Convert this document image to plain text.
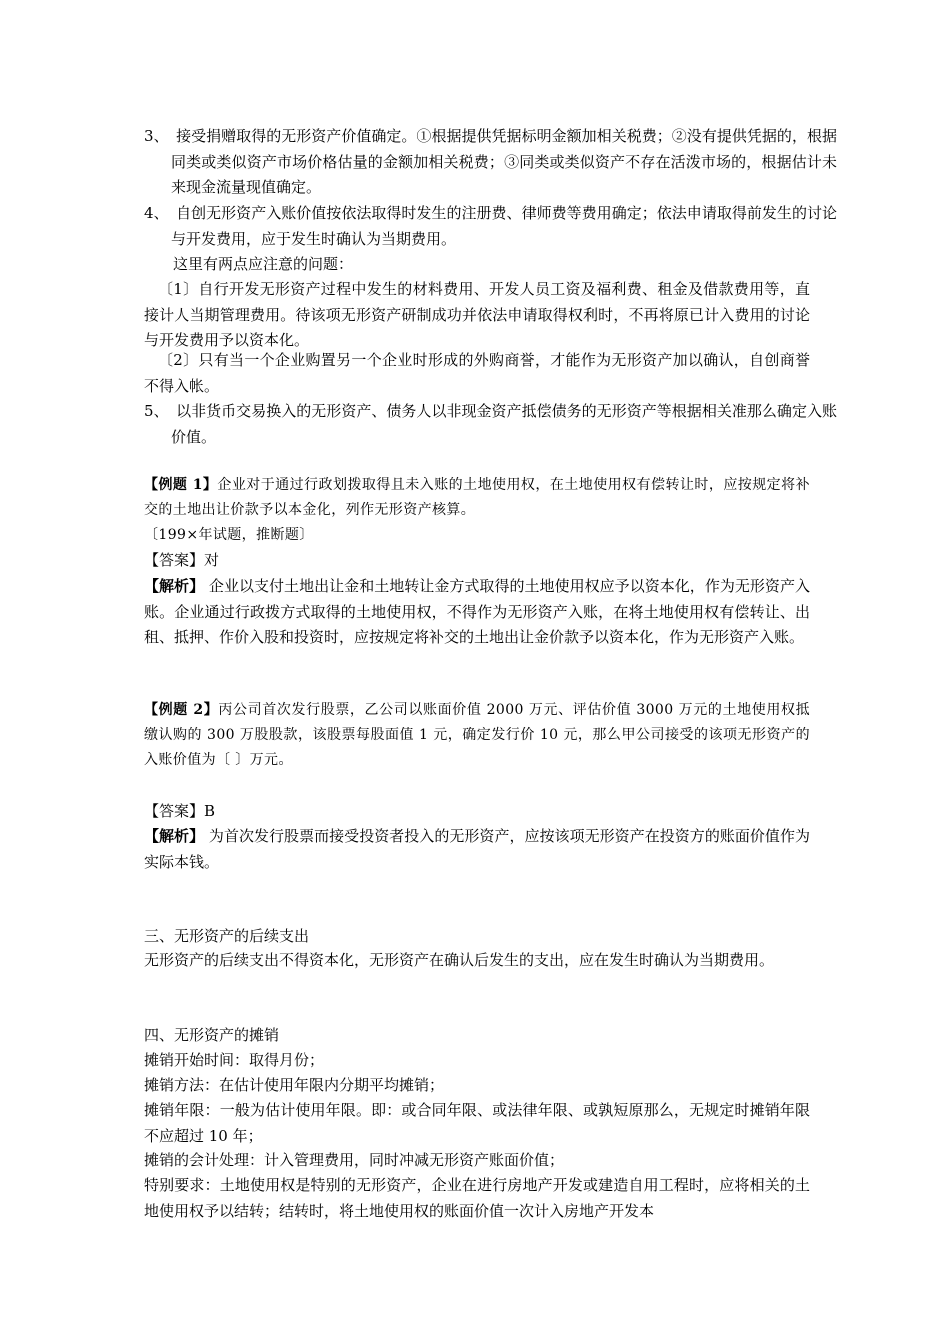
3、　接受捐赠取得的无形资产价值确定。①根据提供凭据标明金额加相关税费；②没有提供凭据的，根据同类或类似资产市场价格估量的金额加相关税费；③同类或类似资产不存在活泼市场的，根据估计未来现金流量现值确定。
4、　自创无形资产入账价值按依法取得时发生的注册费、律师费等费用确定；依法申请取得前发生的讨论与开发费用，应于发生时确认为当期费用。
　这里有两点应注意的问题：
〔1〕自行开发无形资产过程中发生的材料费用、开发人员工资及福利费、租金及借款费用等，直接计人当期管理费用。待该项无形资产研制成功并依法申请取得权利时，不再将原已计入费用的讨论与开发费用予以资本化。
〔2〕只有当一个企业购置另一个企业时形成的外购商誉，才能作为无形资产加以确认，自创商誉不得入帐。
5、　以非货币交易换入的无形资产、债务人以非现金资产抵偿债务的无形资产等根据相关准那么确定入账价值。
【例题 1】企业对于通过行政划拨取得且未入账的土地使用权，在土地使用权有偿转让时，应按规定将补交的土地出让价款予以本金化，列作无形资产核算。
〔199×年试题，推断题〕
【答案】对
【解析】 企业以支付土地出让金和土地转让金方式取得的土地使用权应予以资本化，作为无形资产入账。企业通过行政拨方式取得的土地使用权，不得作为无形资产入账，在将土地使用权有偿转让、出租、抵押、作价入股和投资时，应按规定将补交的土地出让金价款予以资本化，作为无形资产入账。
【例题 2】丙公司首次发行股票，乙公司以账面价值 2000 万元、评估价值 3000 万元的土地使用权抵缴认购的 300 万股股款，该股票每股面值 1 元，确定发行价 10 元，那么甲公司接受的该项无形资产的入账价值为〔 〕万元。
【答案】B
【解析】 为首次发行股票而接受投资者投入的无形资产，应按该项无形资产在投资方的账面价值作为实际本钱。
三、无形资产的后续支出
无形资产的后续支出不得资本化，无形资产在确认后发生的支出，应在发生时确认为当期费用。
四、无形资产的摊销
摊销开始时间：取得月份；
摊销方法：在估计使用年限内分期平均摊销；
摊销年限：一般为估计使用年限。即：或合同年限、或法律年限、或孰短原那么，无规定时摊销年限不应超过 10 年；
摊销的会计处理：计入管理费用，同时冲减无形资产账面价值；
特别要求：土地使用权是特别的无形资产，企业在进行房地产开发或建造自用工程时，应将相关的土地使用权予以结转；结转时，将土地使用权的账面价值一次计入房地产开发本
